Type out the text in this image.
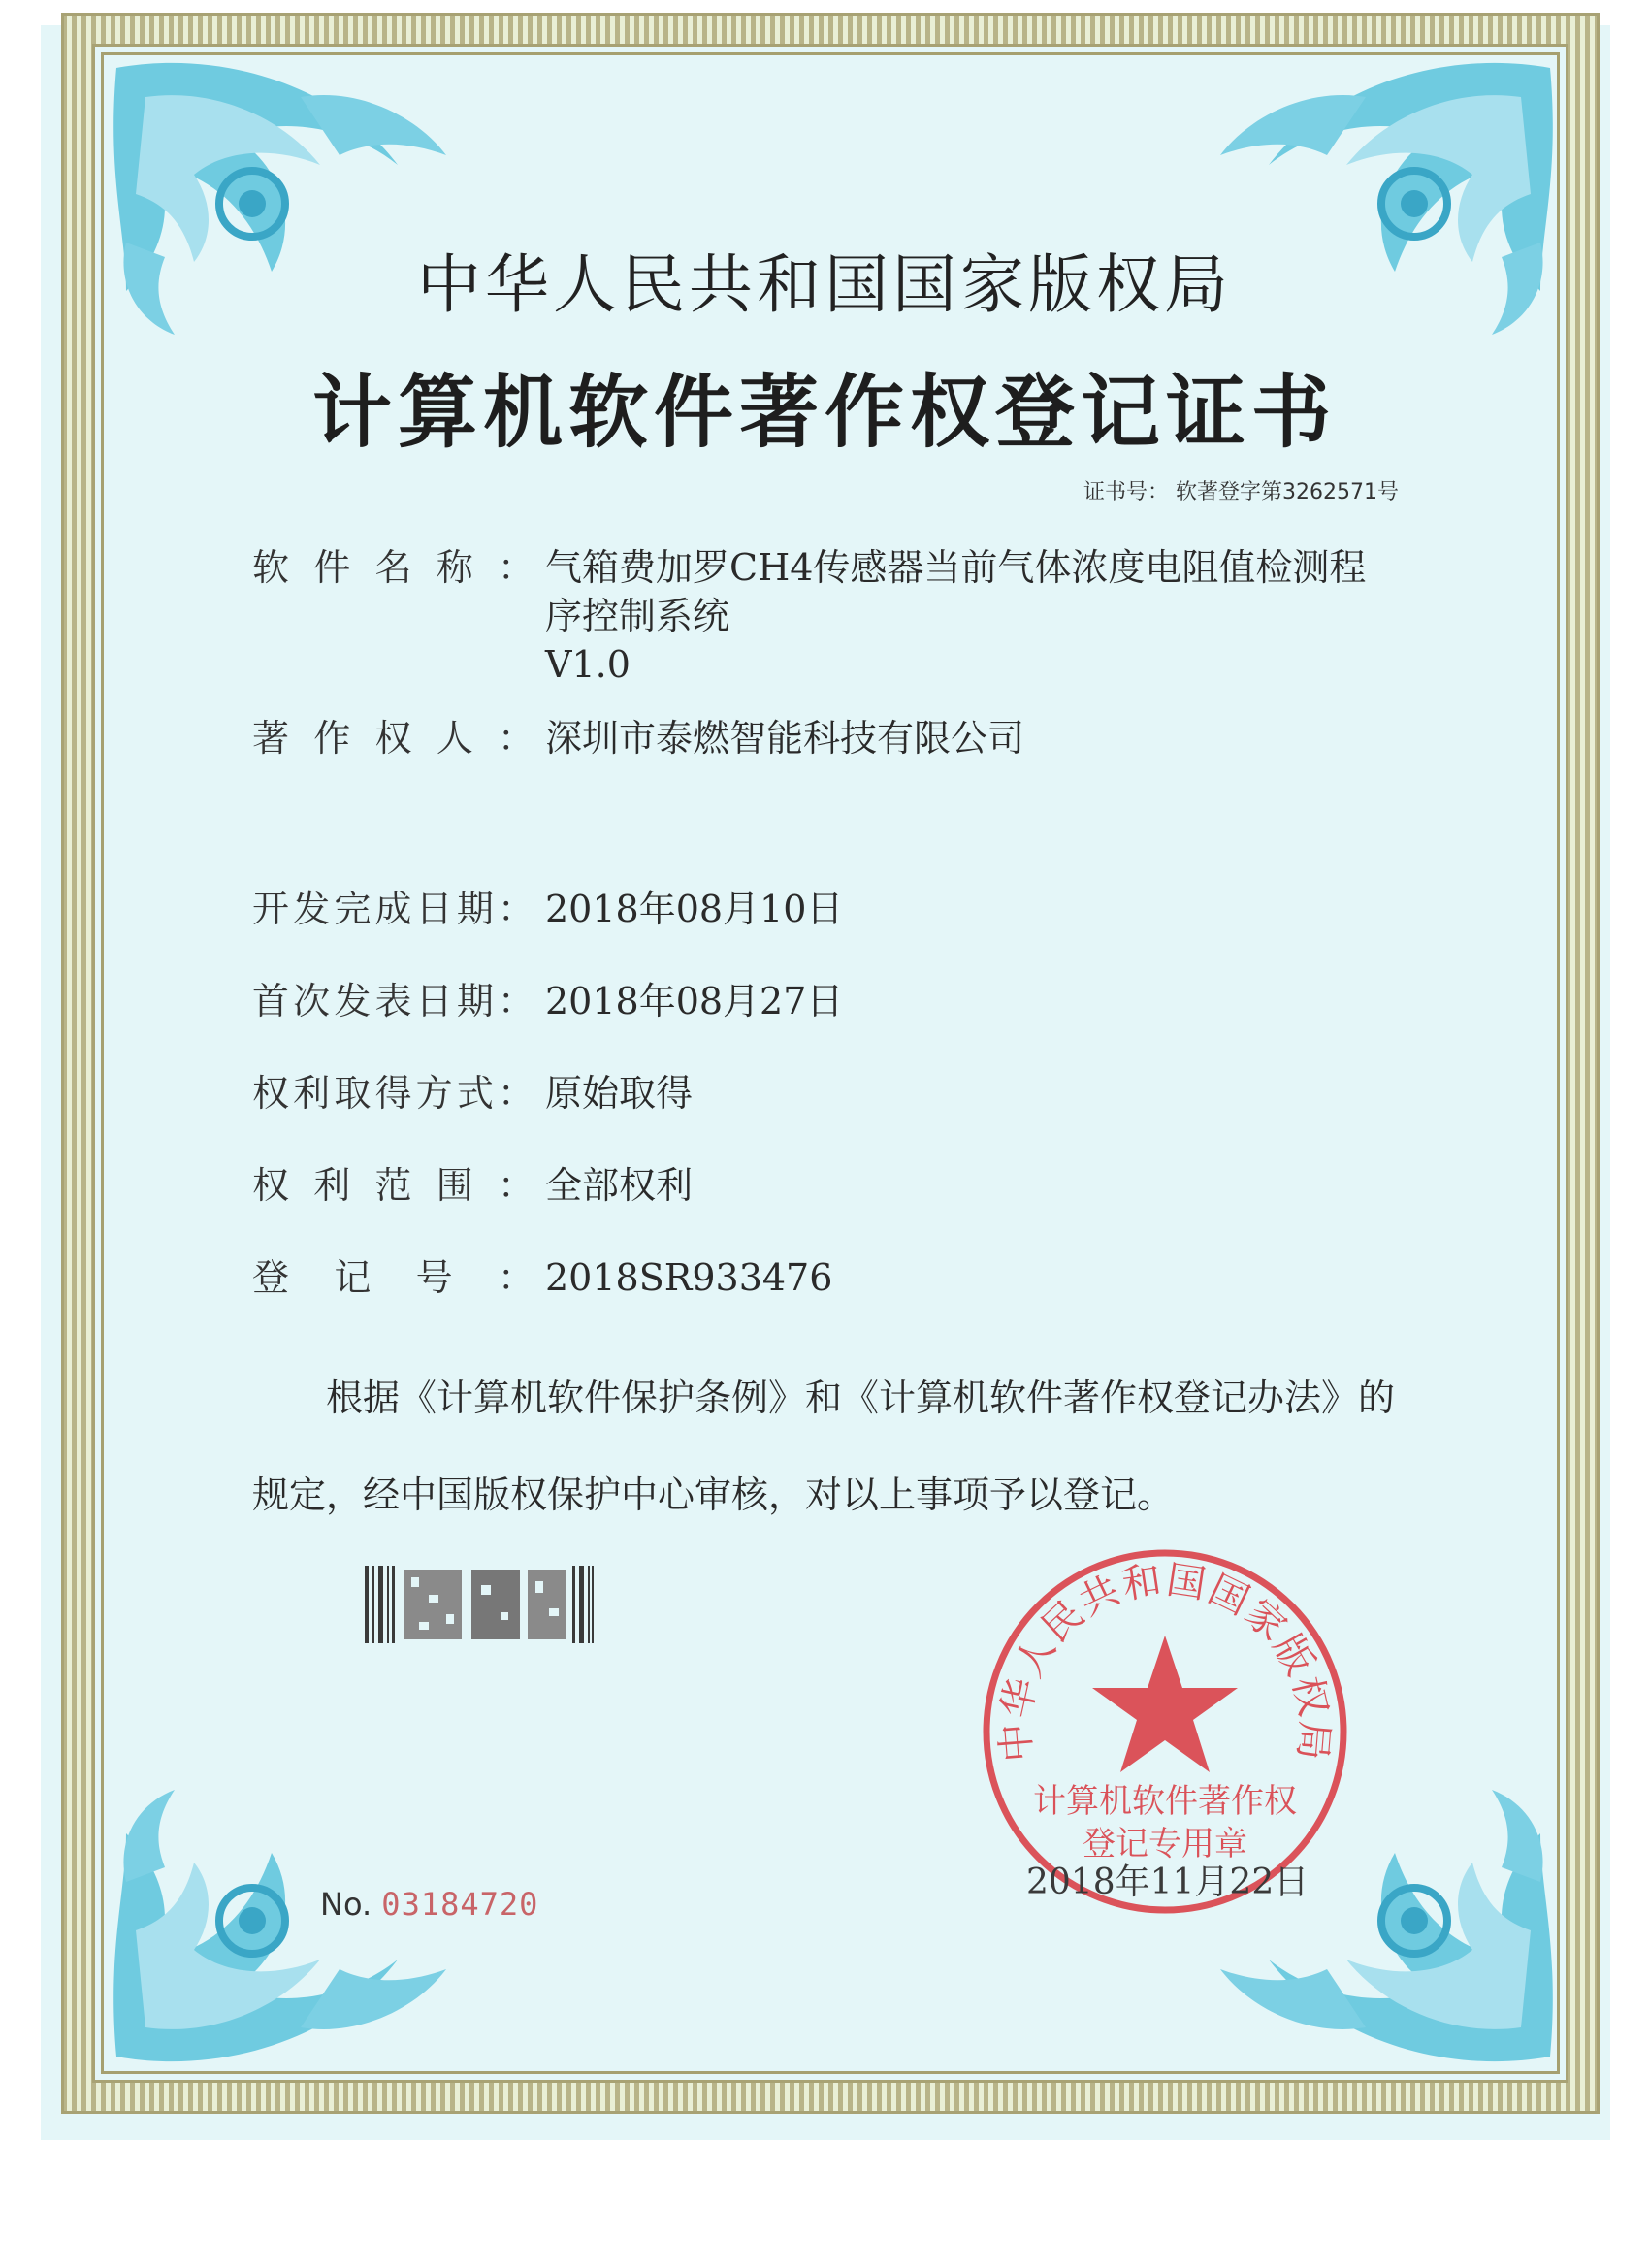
中华人民共和国国家版权局
计算机软件著作权登记证书
证书号： 软著登字第3262571号
软件名称： 气箱费加罗CH4传感器当前气体浓度电阻值检测程
序控制系统
V1.0
著作权人： 深圳市泰燃智能科技有限公司
开发完成日期： 2018年08月10日
首次发表日期： 2018年08月27日
权利取得方式： 原始取得
权利范围： 全部权利
登记号： 2018SR933476
根据《计算机软件保护条例》和《计算机软件著作权登记办法》的
规定，经中国版权保护中心审核，对以上事项予以登记。
中华人民共和国国家版权局
计算机软件著作权
登记专用章
2018年11月22日
No. 03184720
